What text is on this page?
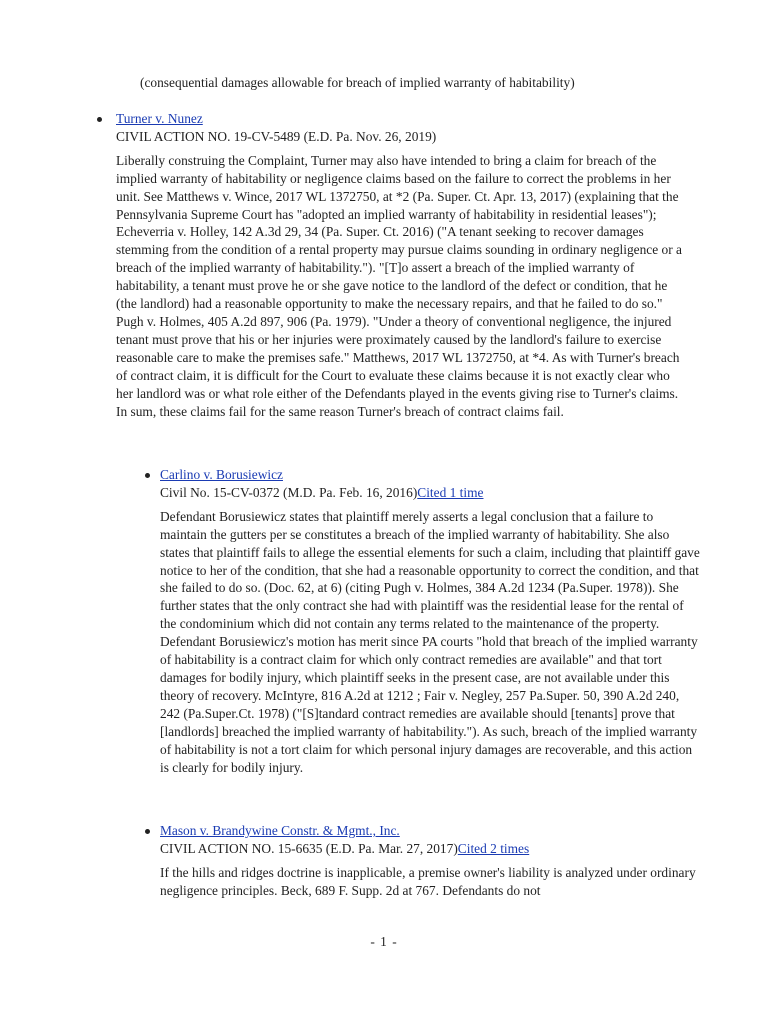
(consequential damages allowable for breach of implied warranty of habitability)
Turner v. Nunez
CIVIL ACTION NO. 19-CV-5489 (E.D. Pa. Nov. 26, 2019)
Liberally construing the Complaint, Turner may also have intended to bring a claim for breach of the implied warranty of habitability or negligence claims based on the failure to correct the problems in her unit. See Matthews v. Wince, 2017 WL 1372750, at *2 (Pa. Super. Ct. Apr. 13, 2017) (explaining that the Pennsylvania Supreme Court has "adopted an implied warranty of habitability in residential leases"); Echeverria v. Holley, 142 A.3d 29, 34 (Pa. Super. Ct. 2016) ("A tenant seeking to recover damages stemming from the condition of a rental property may pursue claims sounding in ordinary negligence or a breach of the implied warranty of habitability."). "[T]o assert a breach of the implied warranty of habitability, a tenant must prove he or she gave notice to the landlord of the defect or condition, that he (the landlord) had a reasonable opportunity to make the necessary repairs, and that he failed to do so." Pugh v. Holmes, 405 A.2d 897, 906 (Pa. 1979). "Under a theory of conventional negligence, the injured tenant must prove that his or her injuries were proximately caused by the landlord's failure to exercise reasonable care to make the premises safe." Matthews, 2017 WL 1372750, at *4. As with Turner's breach of contract claim, it is difficult for the Court to evaluate these claims because it is not exactly clear who her landlord was or what role either of the Defendants played in the events giving rise to Turner's claims. In sum, these claims fail for the same reason Turner's breach of contract claims fail.
Carlino v. Borusiewicz
Civil No. 15-CV-0372 (M.D. Pa. Feb. 16, 2016)Cited 1 time
Defendant Borusiewicz states that plaintiff merely asserts a legal conclusion that a failure to maintain the gutters per se constitutes a breach of the implied warranty of habitability. She also states that plaintiff fails to allege the essential elements for such a claim, including that plaintiff gave notice to her of the condition, that she had a reasonable opportunity to correct the condition, and that she failed to do so. (Doc. 62, at 6) (citing Pugh v. Holmes, 384 A.2d 1234 (Pa.Super. 1978)). She further states that the only contract she had with plaintiff was the residential lease for the rental of the condominium which did not contain any terms related to the maintenance of the property. Defendant Borusiewicz's motion has merit since PA courts "hold that breach of the implied warranty of habitability is a contract claim for which only contract remedies are available" and that tort damages for bodily injury, which plaintiff seeks in the present case, are not available under this theory of recovery. McIntyre, 816 A.2d at 1212 ; Fair v. Negley, 257 Pa.Super. 50, 390 A.2d 240, 242 (Pa.Super.Ct. 1978) ("[S]tandard contract remedies are available should [tenants] prove that [landlords] breached the implied warranty of habitability."). As such, breach of the implied warranty of habitability is not a tort claim for which personal injury damages are recoverable, and this action is clearly for bodily injury.
Mason v. Brandywine Constr. & Mgmt., Inc.
CIVIL ACTION NO. 15-6635 (E.D. Pa. Mar. 27, 2017)Cited 2 times
If the hills and ridges doctrine is inapplicable, a premise owner's liability is analyzed under ordinary negligence principles. Beck, 689 F. Supp. 2d at 767. Defendants do not
- 1 -
